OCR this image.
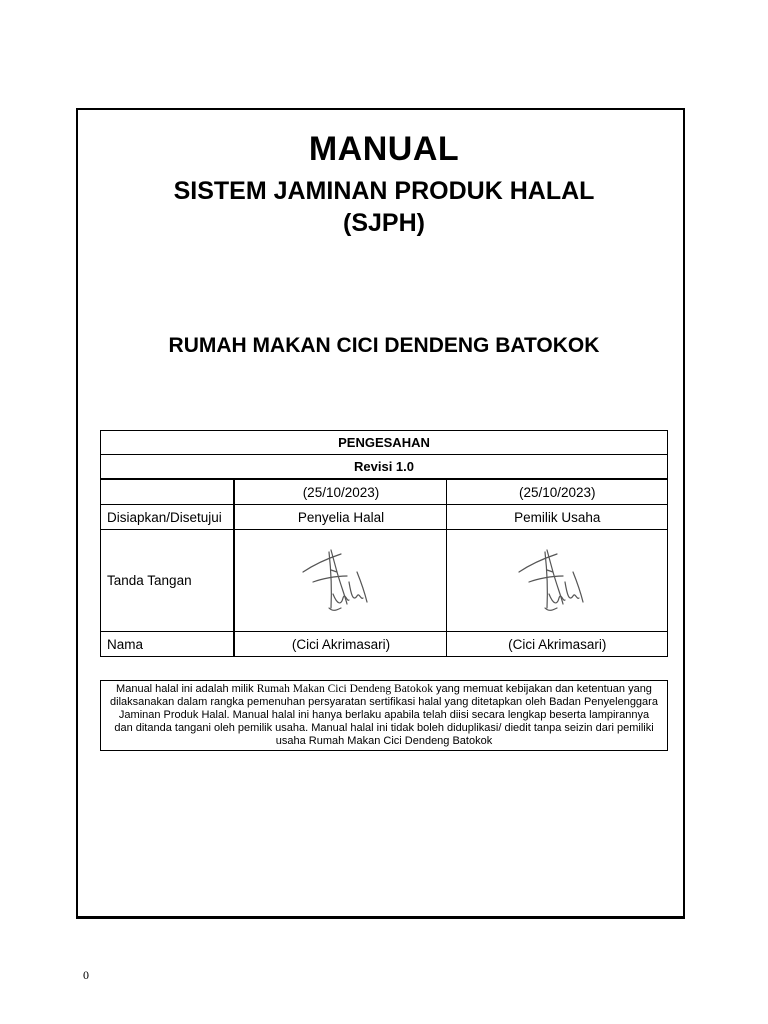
MANUAL
SISTEM JAMINAN PRODUK HALAL
(SJPH)
RUMAH MAKAN CICI DENDENG BATOKOK
PENGESAHAN		
Revisi 1.0		
	(25/10/2023)	(25/10/2023)
Disiapkan/Disetujui	Penyelia Halal	Pemilik Usaha
Tanda Tangan	

Nama	(Cici Akrimasari)	(Cici Akrimasari)
Manual halal ini adalah milik Rumah Makan Cici Dendeng Batokok yang memuat kebijakan dan ketentuan yang dilaksanakan dalam rangka pemenuhan persyaratan sertifikasi halal yang ditetapkan oleh Badan Penyelenggara Jaminan Produk Halal. Manual halal ini hanya berlaku apabila telah diisi secara lengkap beserta lampirannya dan ditanda tangani oleh pemilik usaha. Manual halal ini tidak boleh diduplikasi/ diedit tanpa seizin dari pemiliki usaha Rumah Makan Cici Dendeng Batokok
0
